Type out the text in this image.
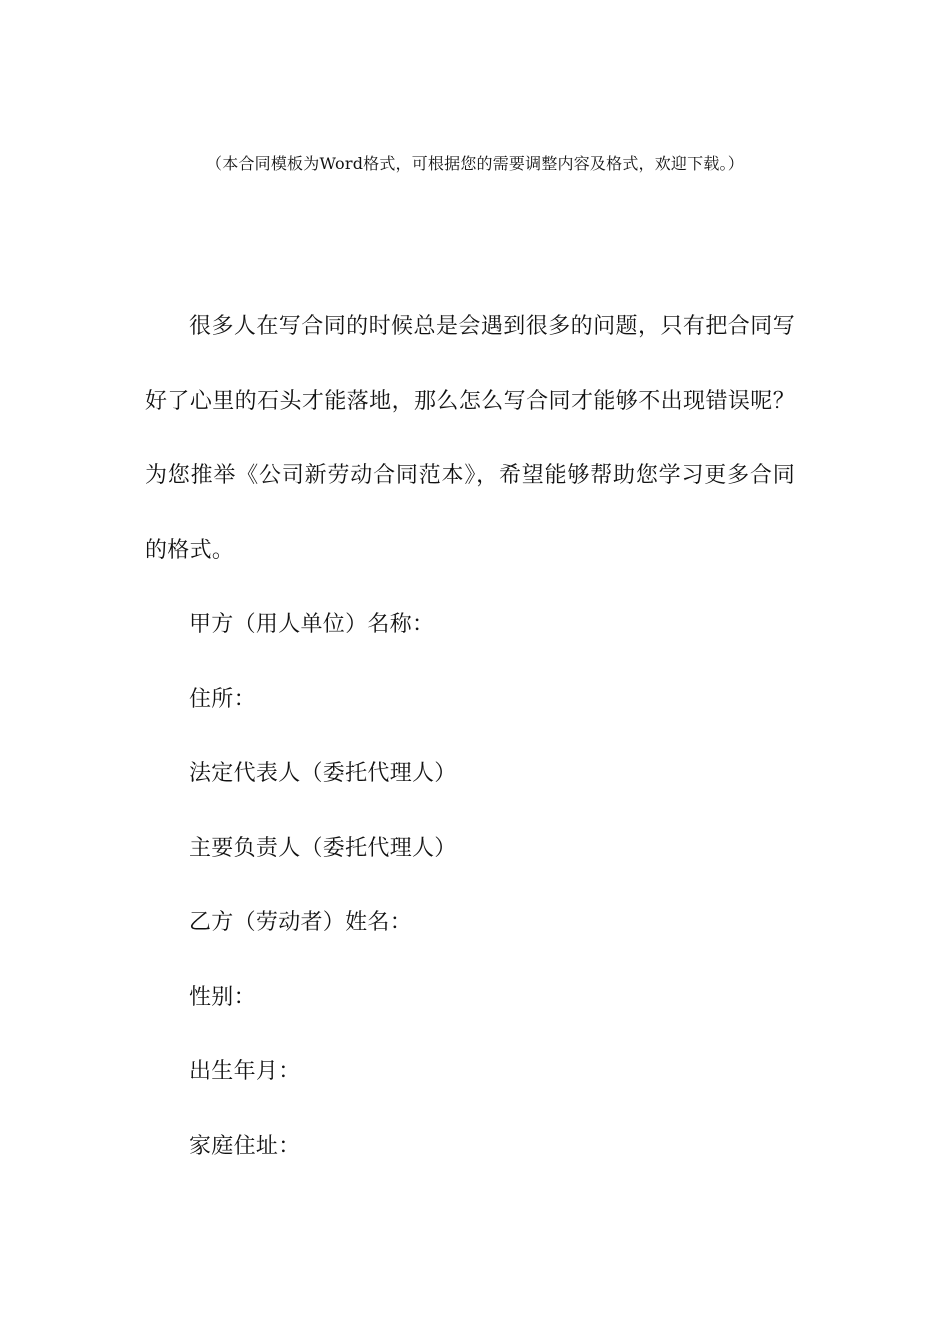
（本合同模板为Word格式，可根据您的需要调整内容及格式，欢迎下载。）

很多人在写合同的时候总是会遇到很多的问题，只有把合同写好了心里的石头才能落地，那么怎么写合同才能够不出现错误呢？为您推举《公司新劳动合同范本》，希望能够帮助您学习更多合同的格式。

甲方（用人单位）名称：
住所：
法定代表人（委托代理人）
主要负责人（委托代理人）
乙方（劳动者）姓名：
性别：
出生年月：
家庭住址：
